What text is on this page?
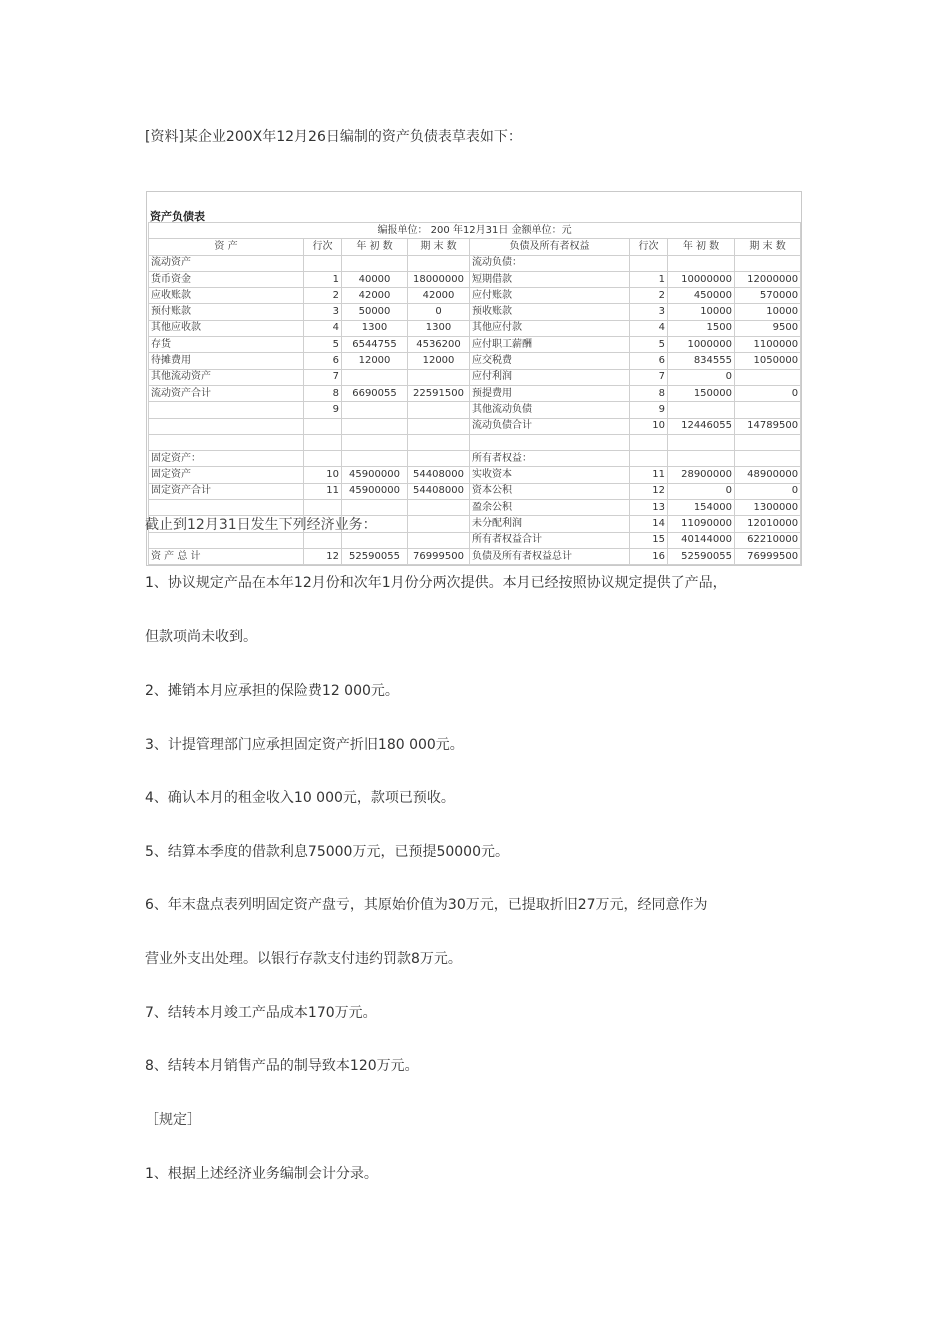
[资料]某企业200X年12月26日编制的资产负债表草表如下：
资产负债表
编报单位： 200 年12月31日 金额单位：元							
资 产	行次	年 初 数	期 末 数	负债及所有者权益	行次	年 初 数	期 末 数
流动资产				流动负债：			
货币资金	1	40000	18000000	短期借款	1	10000000	12000000
应收账款	2	42000	42000	应付账款	2	450000	570000
预付账款	3	50000	0	预收账款	3	10000	10000
其他应收款	4	1300	1300	其他应付款	4	1500	9500
存货	5	6544755	4536200	应付职工薪酬	5	1000000	1100000
待摊费用	6	12000	12000	应交税费	6	834555	1050000
其他流动资产	7			应付利润	7	0	
流动资产合计	8	6690055	22591500	预提费用	8	150000	0
	9			其他流动负债	9		
				流动负债合计	10	12446055	14789500

固定资产：				所有者权益：			
固定资产	10	45900000	54408000	实收资本	11	28900000	48900000
固定资产合计	11	45900000	54408000	资本公积	12	0	0
				盈余公积	13	154000	1300000
				未分配利润	14	11090000	12010000
				所有者权益合计	15	40144000	62210000
资 产 总 计	12	52590055	76999500	负债及所有者权益总计	16	52590055	76999500
截止到12月31日发生下列经济业务：
1、协议规定产品在本年12月份和次年1月份分两次提供。本月已经按照协议规定提供了产品，
但款项尚未收到。
2、摊销本月应承担的保险费12 000元。
3、计提管理部门应承担固定资产折旧180 000元。
4、确认本月的租金收入10 000元，款项已预收。
5、结算本季度的借款利息75000万元，已预提50000元。
6、年末盘点表列明固定资产盘亏，其原始价值为30万元，已提取折旧27万元，经同意作为
营业外支出处理。以银行存款支付违约罚款8万元。
7、结转本月竣工产品成本170万元。
8、结转本月销售产品的制导致本120万元。
［规定］
1、根据上述经济业务编制会计分录。
